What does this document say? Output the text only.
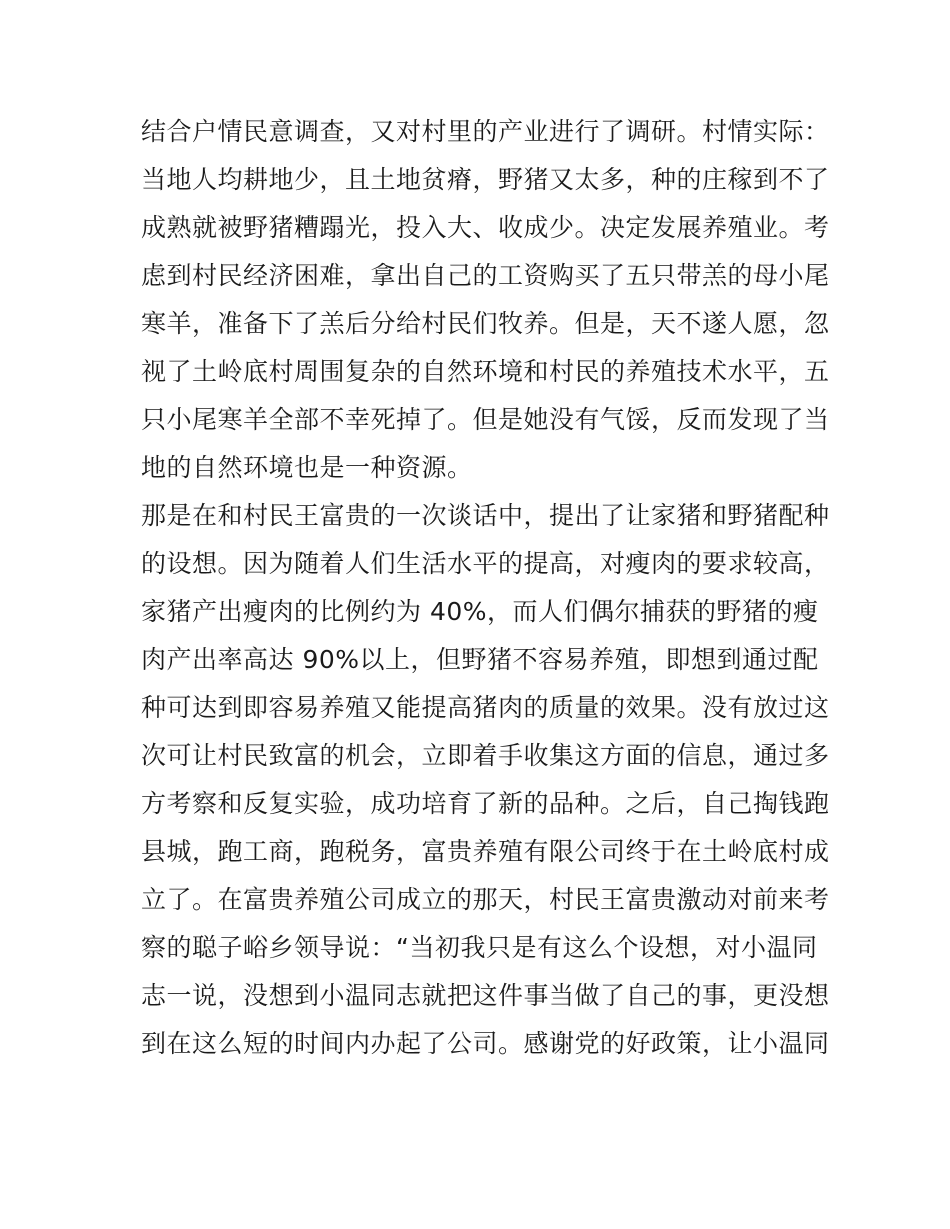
结合户情民意调查，又对村里的产业进行了调研。村情实际：
当地人均耕地少，且土地贫瘠，野猪又太多，种的庄稼到不了
成熟就被野猪糟蹋光，投入大、收成少。决定发展养殖业。考
虑到村民经济困难，拿出自己的工资购买了五只带羔的母小尾
寒羊，准备下了羔后分给村民们牧养。但是，天不遂人愿，忽
视了土岭底村周围复杂的自然环境和村民的养殖技术水平，五
只小尾寒羊全部不幸死掉了。但是她没有气馁，反而发现了当
地的自然环境也是一种资源。
那是在和村民王富贵的一次谈话中，提出了让家猪和野猪配种
的设想。因为随着人们生活水平的提高，对瘦肉的要求较高，
家猪产出瘦肉的比例约为 40%，而人们偶尔捕获的野猪的瘦
肉产出率高达 90%以上，但野猪不容易养殖，即想到通过配
种可达到即容易养殖又能提高猪肉的质量的效果。没有放过这
次可让村民致富的机会，立即着手收集这方面的信息，通过多
方考察和反复实验，成功培育了新的品种。之后，自己掏钱跑
县城，跑工商，跑税务，富贵养殖有限公司终于在土岭底村成
立了。在富贵养殖公司成立的那天，村民王富贵激动对前来考
察的聪子峪乡领导说：“当初我只是有这么个设想，对小温同
志一说，没想到小温同志就把这件事当做了自己的事，更没想
到在这么短的时间内办起了公司。感谢党的好政策，让小温同
